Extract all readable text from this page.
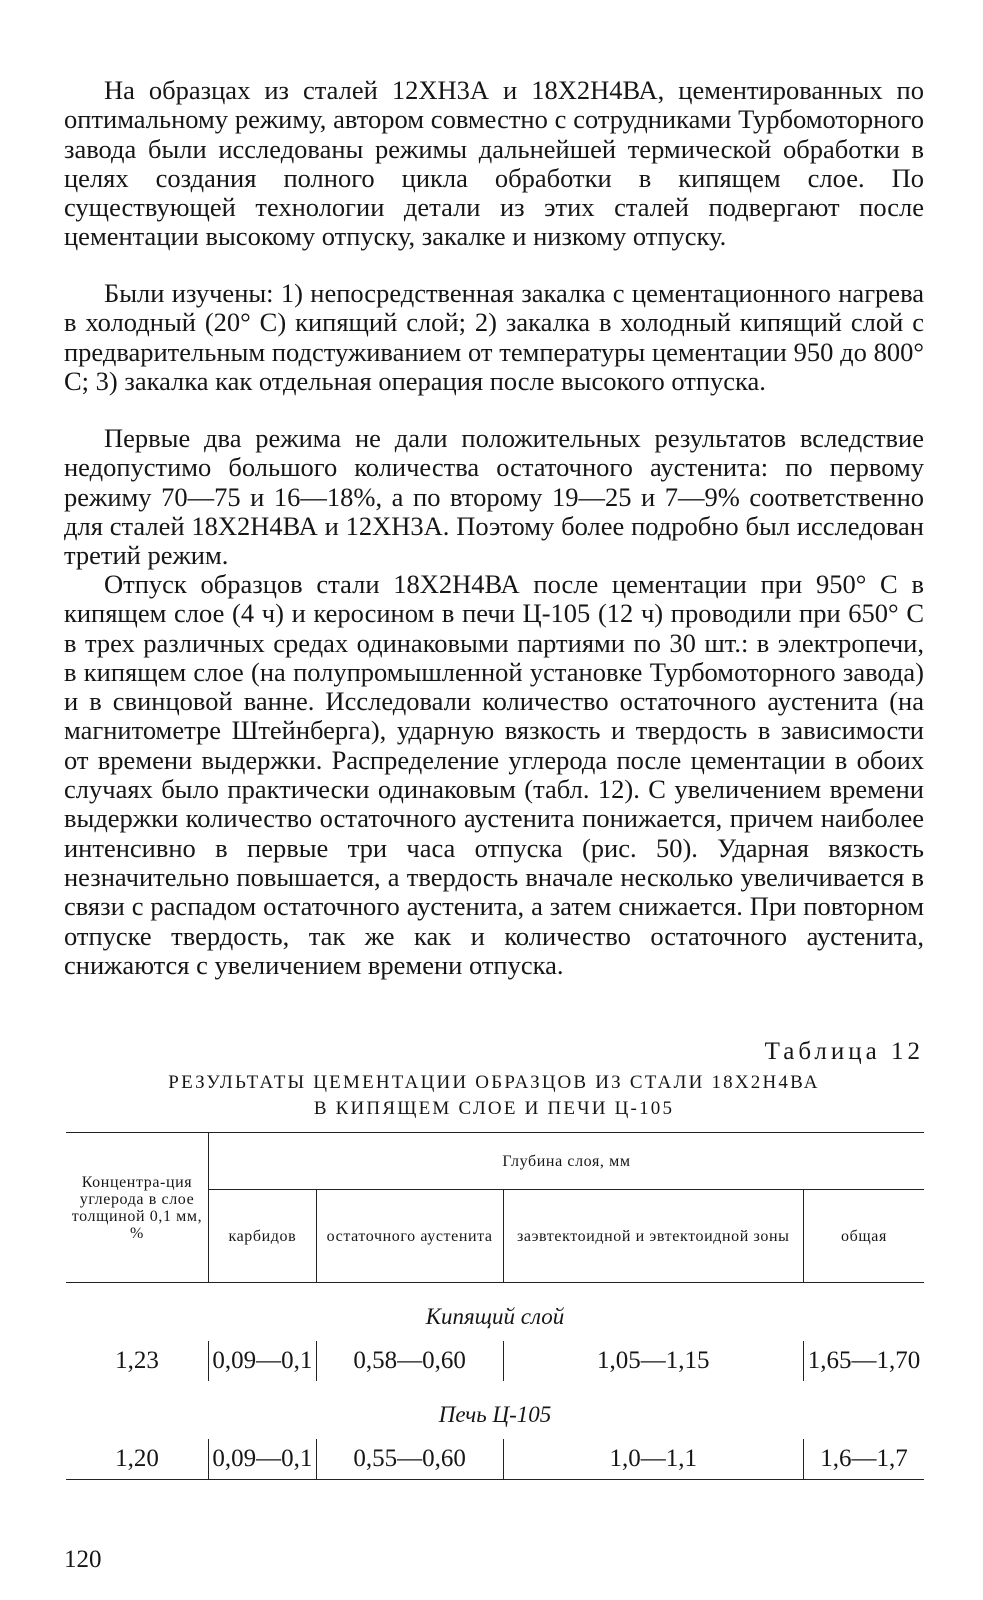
На образцах из сталей 12ХН3А и 18Х2Н4ВА, цементированных по оптимальному режиму, автором совместно с сотрудниками Турбомоторного завода были исследованы режимы дальнейшей термической обработки в целях создания полного цикла обработки в кипящем слое. По существующей технологии детали из этих сталей подвергают после цементации высокому отпуску, закалке и низкому отпуску.

Были изучены: 1) непосредственная закалка с цементационного нагрева в холодный (20° С) кипящий слой; 2) закалка в холодный кипящий слой с предварительным подстуживанием от температуры цементации 950 до 800° С; 3) закалка как отдельная операция после высокого отпуска.

Первые два режима не дали положительных результатов вследствие недопустимо большого количества остаточного аустенита: по первому режиму 70—75 и 16—18%, а по второму 19—25 и 7—9% соответственно для сталей 18Х2Н4ВА и 12ХН3А. Поэтому более подробно был исследован третий режим.

Отпуск образцов стали 18Х2Н4ВА после цементации при 950° С в кипящем слое (4 ч) и керосином в печи Ц-105 (12 ч) проводили при 650° С в трех различных средах одинаковыми партиями по 30 шт.: в электропечи, в кипящем слое (на полупромышленной установке Турбомоторного завода) и в свинцовой ванне. Исследовали количество остаточного аустенита (на магнитометре Штейнберга), ударную вязкость и твердость в зависимости от времени выдержки. Распределение углерода после цементации в обоих случаях было практически одинаковым (табл. 12). С увеличением времени выдержки количество остаточного аустенита понижается, причем наиболее интенсивно в первые три часа отпуска (рис. 50). Ударная вязкость незначительно повышается, а твердость вначале несколько увеличивается в связи с распадом остаточного аустенита, а затем снижается. При повторном отпуске твердость, так же как и количество остаточного аустенита, снижаются с увеличением времени отпуска.

Таблица 12
РЕЗУЛЬТАТЫ ЦЕМЕНТАЦИИ ОБРАЗЦОВ ИЗ СТАЛИ 18Х2Н4ВА
В КИПЯЩЕМ СЛОЕ И ПЕЧИ Ц-105
Концентра-ция углерода в слое толщиной 0,1 мм, %	Глубина слоя, мм			
	карбидов	остаточного аустенита	заэвтектоидной и эвтектоидной зоны	общая
Кипящий слой				
1,23	0,09—0,1	0,58—0,60	1,05—1,15	1,65—1,70
Печь Ц-105				
1,20	0,09—0,1	0,55—0,60	1,0—1,1	1,6—1,7
120
